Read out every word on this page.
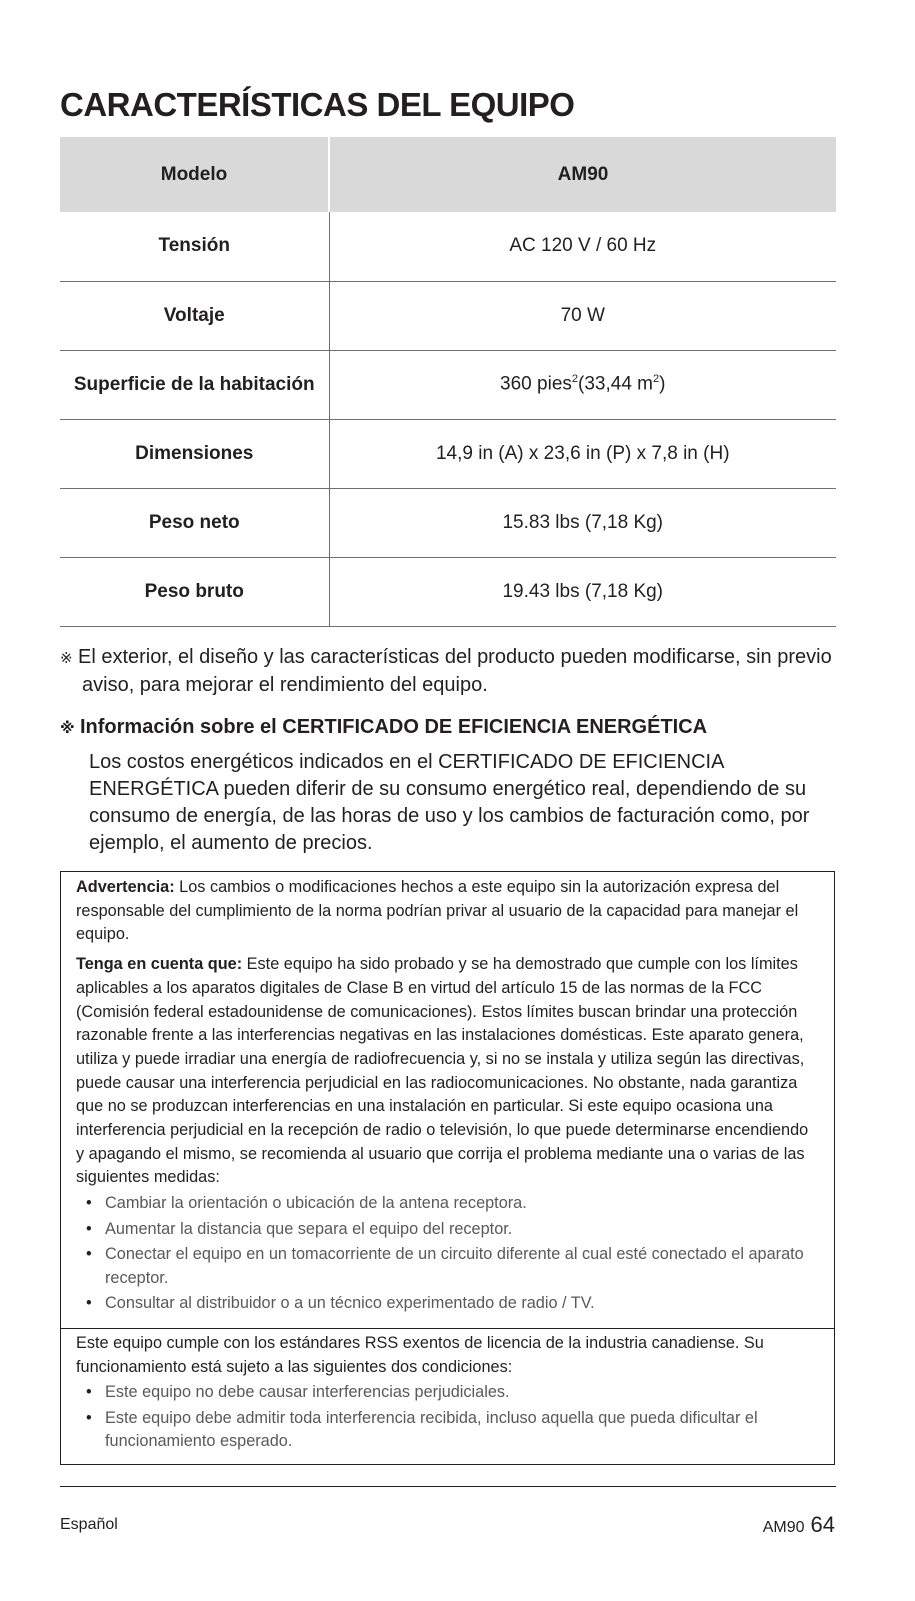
CARACTERÍSTICAS DEL EQUIPO
Modelo	AM90
Tensión	AC 120 V / 60 Hz
Voltaje	70 W
Superficie de la habitación	360 pies$^2$(33,44 $m^2$)
Dimensiones	14,9 in (A) x 23,6 in (P) x 7,8 in (H)
Peso neto	15.83 lbs (7,18 Kg)
Peso bruto	19.43 lbs (7,18 Kg)
※ El exterior, el diseño y las características del producto pueden modificarse, sin previo
aviso, para mejorar el rendimiento del equipo.
※ Información sobre el CERTIFICADO DE EFICIENCIA ENERGÉTICA
Los costos energéticos indicados en el CERTIFICADO DE EFICIENCIA ENERGÉTICA pueden diferir de su consumo energético real, dependiendo de su consumo de energía, de las horas de uso y los cambios de facturación como, por ejemplo, el aumento de precios.

Advertencia: Los cambios o modificaciones hechos a este equipo sin la autorización expresa del responsable del cumplimiento de la norma podrían privar al usuario de la capacidad para manejar el equipo.

Tenga en cuenta que: Este equipo ha sido probado y se ha demostrado que cumple con los límites aplicables a los aparatos digitales de Clase B en virtud del artículo 15 de las normas de la FCC (Comisión federal estadounidense de comunicaciones). Estos límites buscan brindar una protección razonable frente a las interferencias negativas en las instalaciones domésticas. Este aparato genera, utiliza y puede irradiar una energía de radiofrecuencia y, si no se instala y utiliza según las directivas, puede causar una interferencia perjudicial en las radiocomunicaciones. No obstante, nada garantiza que no se produzcan interferencias en una instalación en particular. Si este equipo ocasiona una interferencia perjudicial en la recepción de radio o televisión, lo que puede determinarse encendiendo y apagando el mismo, se recomienda al usuario que corrija el problema mediante una o varias de las siguientes medidas:

• Cambiar la orientación o ubicación de la antena receptora.
• Aumentar la distancia que separa el equipo del receptor.
• Conectar el equipo en un tomacorriente de un circuito diferente al cual esté conectado el aparato receptor.
• Consultar al distribuidor o a un técnico experimentado de radio / TV.

Este equipo cumple con los estándares RSS exentos de licencia de la industria canadiense. Su funcionamiento está sujeto a las siguientes dos condiciones:

• Este equipo no debe causar interferencias perjudiciales.
• Este equipo debe admitir toda interferencia recibida, incluso aquella que pueda dificultar el funcionamiento esperado.
Español	AM90 64
